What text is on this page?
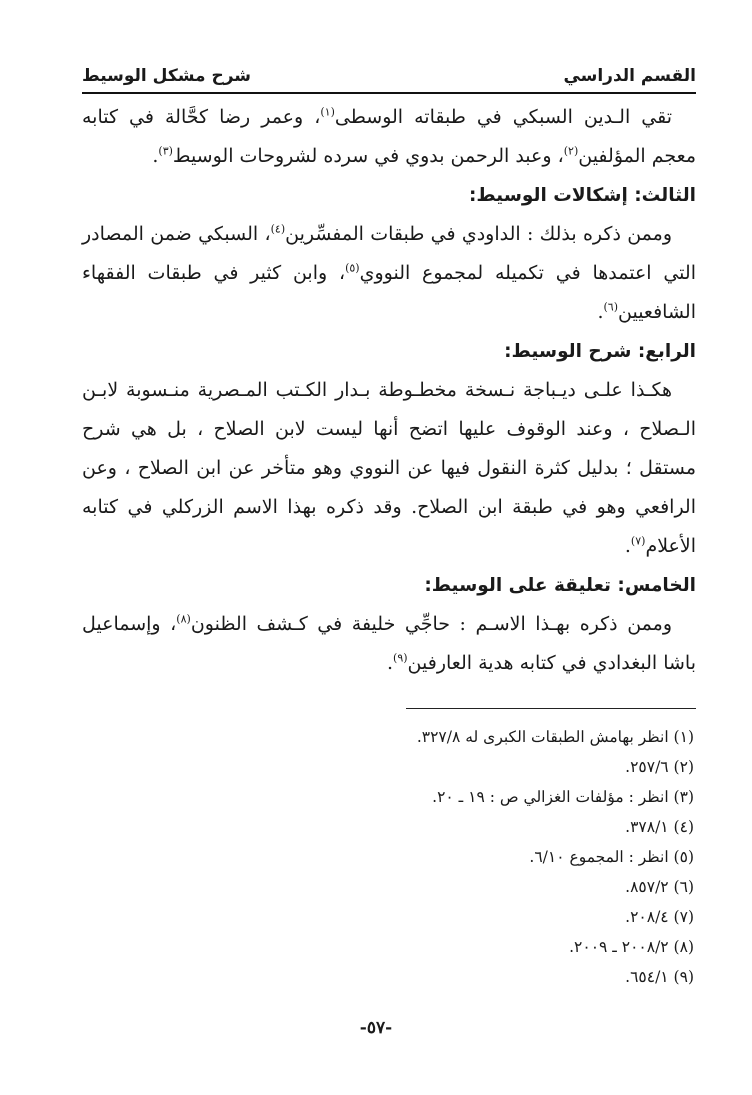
القسم الدراسي
شرح مشكل الوسيط

تقي الـدين السبكي في طبقاته الوسطى$^{(١)}$، وعمر رضا كحَّالة في كتابه معجم المؤلفين$^{(٢)}$، وعبد الرحمن بدوي في سرده لشروحات الوسيط$^{(٣)}$.

الثالث: إشكالات الوسيط:

وممن ذكره بذلك : الداودي في طبقات المفسِّرين$^{(٤)}$، السبكي ضمن المصادر التي اعتمدها في تكميله لمجموع النووي$^{(٥)}$، وابن كثير في طبقات الفقهاء الشافعيين$^{(٦)}$.

الرابع: شرح الوسيط:

هكـذا علـى ديـباجة نـسخة مخطـوطة بـدار الكـتب المـصرية منـسوبة لابـن الـصلاح ، وعند الوقوف عليها اتضح أنها ليست لابن الصلاح ، بل هي شرح مستقل ؛ بدليل كثرة النقول فيها عن النووي وهو متأخر عن ابن الصلاح ، وعن الرافعي وهو في طبقة ابن الصلاح. وقد ذكره بهذا الاسم الزركلي في كتابه الأعلام$^{(٧)}$.

الخامس: تعليقة على الوسيط:

وممن ذكره بهـذا الاسـم : حاجِّي خليفة في كـشف الظنون$^{(٨)}$، وإسماعيل باشا البغدادي في كتابه هدية العارفين$^{(٩)}$.

(١) انظر بهامش الطبقات الكبرى له ٣٢٧/٨.
(٢) ٢٥٧/٦.
(٣) انظر : مؤلفات الغزالي ص : ١٩ ـ ٢٠.
(٤) ٣٧٨/١.
(٥) انظر : المجموع ٦/١٠.
(٦) ٨٥٧/٢.
(٧) ٢٠٨/٤.
(٨) ٢٠٠٨/٢ ـ ٢٠٠٩.
(٩) ٦٥٤/١.
-٥٧-
